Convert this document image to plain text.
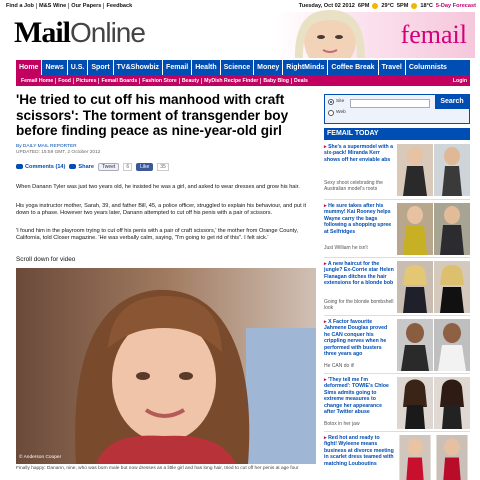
Find a Job M&S Wine Our Papers Feedback	Tuesday, Oct 02 2012 6PM 29°C 5PM 18°C 5-Day Forecast
MailOnline	femail
Home	News	U.S.	Sport	TV&Showbiz	Femail	Health	Science	Money	RightMinds	Coffee Break	Travel	Columnists
Femail Home Food Pictures Femail Boards Fashion Store Beauty MyDish Recipe Finder Baby Blog Deals	Login
'He tried to cut off his manhood with craft scissors': The torment of transgender boy before finding peace as nine-year-old girl
By DAILY MAIL REPORTER
UPDATED: 15:59 GMT, 2 October 2012
Comments (14) Share	Tweet	6	Like	35

When Danann Tyler was just two years old, he insisted he was a girl, and asked to wear dresses and grow his hair.

His yoga instructor mother, Sarah, 39, and father Bill, 45, a police officer, struggled to explain his behaviour, and put it down to a phase. However two years later, Danann attempted to cut off his penis with a pair of scissors.

'I found him in the playroom trying to cut off his penis with a pair of craft scissors,' the mother from Orange County, California, told Closer magazine. 'He was verbally calm, saying, "I'm going to get rid of this". I felt sick.'

Scroll down for video
© Anderson Cooper
Finally happy: Danann, nine, who was born male but now dresses as a little girl and has long hair, tried to cut off her penis at age four
Site
Web
Search
FEMAIL TODAY
▸ She's a supermodel with a six-pack! Miranda Kerr shows off her enviable abs
Sexy shoot celebrating the Australian model's roots
▸ He sure takes after his mummy! Kai Rooney helps Wayne carry the bags following a shopping spree at Selfridges
Just William he isn't
▸ A new haircut for the jungle? Ex-Corrie star Helen Flanagan ditches the hair extensions for a blonde bob
Going for the blonde bombshell look
▸ X Factor favourite Jahmene Douglas proved he CAN conquer his crippling nerves when he performed with busters three years ago
He CAN do it!
▸ 'They tell me I'm deformed': TOWIE's Chloe Sims admits going to extreme measures to change her appearance after Twitter abuse
Botox in her jaw
▸ Red hot and ready to fight! Wyleene means business at divorce meeting in scarlet dress teamed with matching Louboutins
